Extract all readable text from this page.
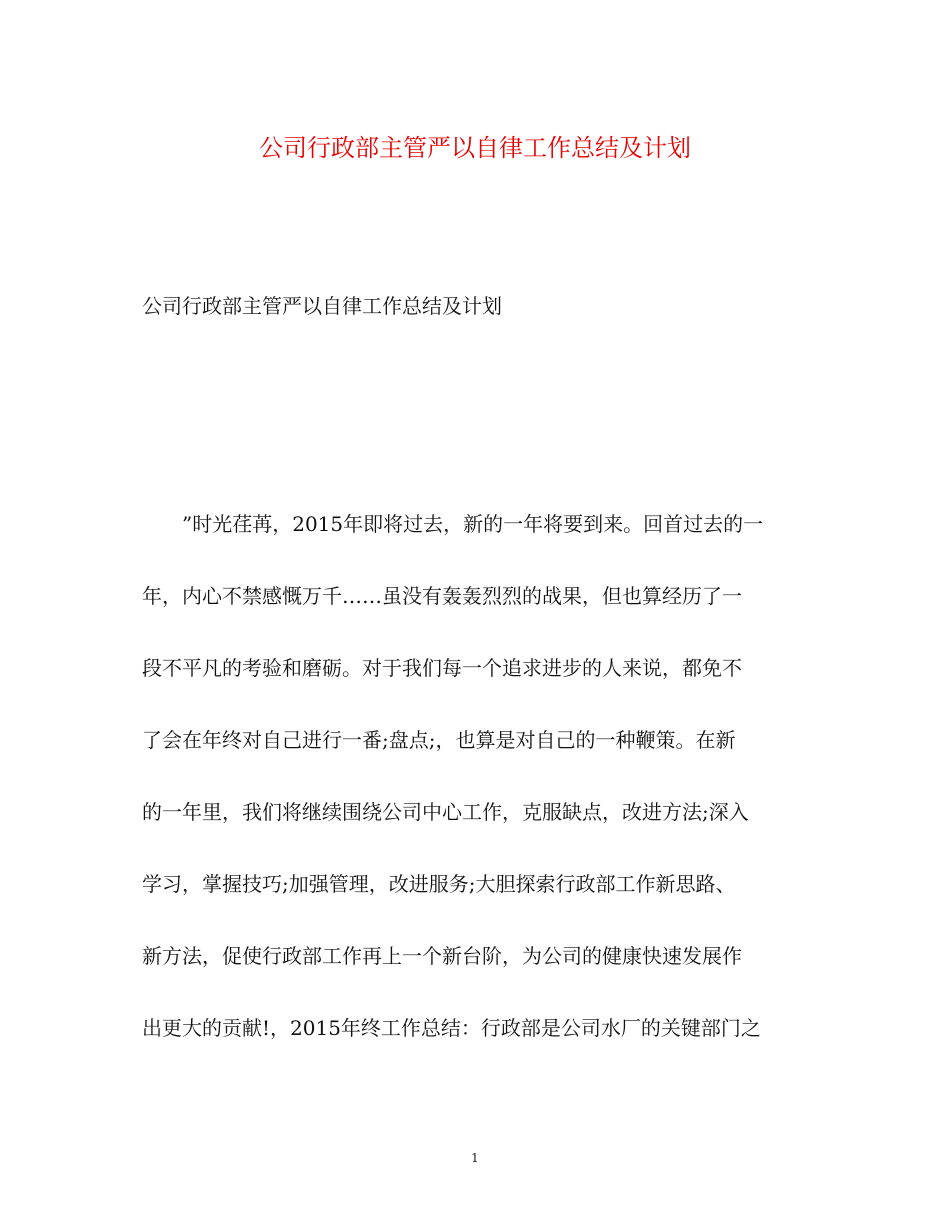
公司行政部主管严以自律工作总结及计划
公司行政部主管严以自律工作总结及计划

　　”时光荏苒，2015年即将过去，新的一年将要到来。回首过去的一

年，内心不禁感慨万千……虽没有轰轰烈烈的战果，但也算经历了一

段不平凡的考验和磨砺。对于我们每一个追求进步的人来说，都免不

了会在年终对自己进行一番;盘点;，也算是对自己的一种鞭策。在新

的一年里，我们将继续围绕公司中心工作，克服缺点，改进方法;深入

学习，掌握技巧;加强管理，改进服务;大胆探索行政部工作新思路、

新方法，促使行政部工作再上一个新台阶，为公司的健康快速发展作

出更大的贡献!，2015年终工作总结：行政部是公司水厂的关键部门之

1
